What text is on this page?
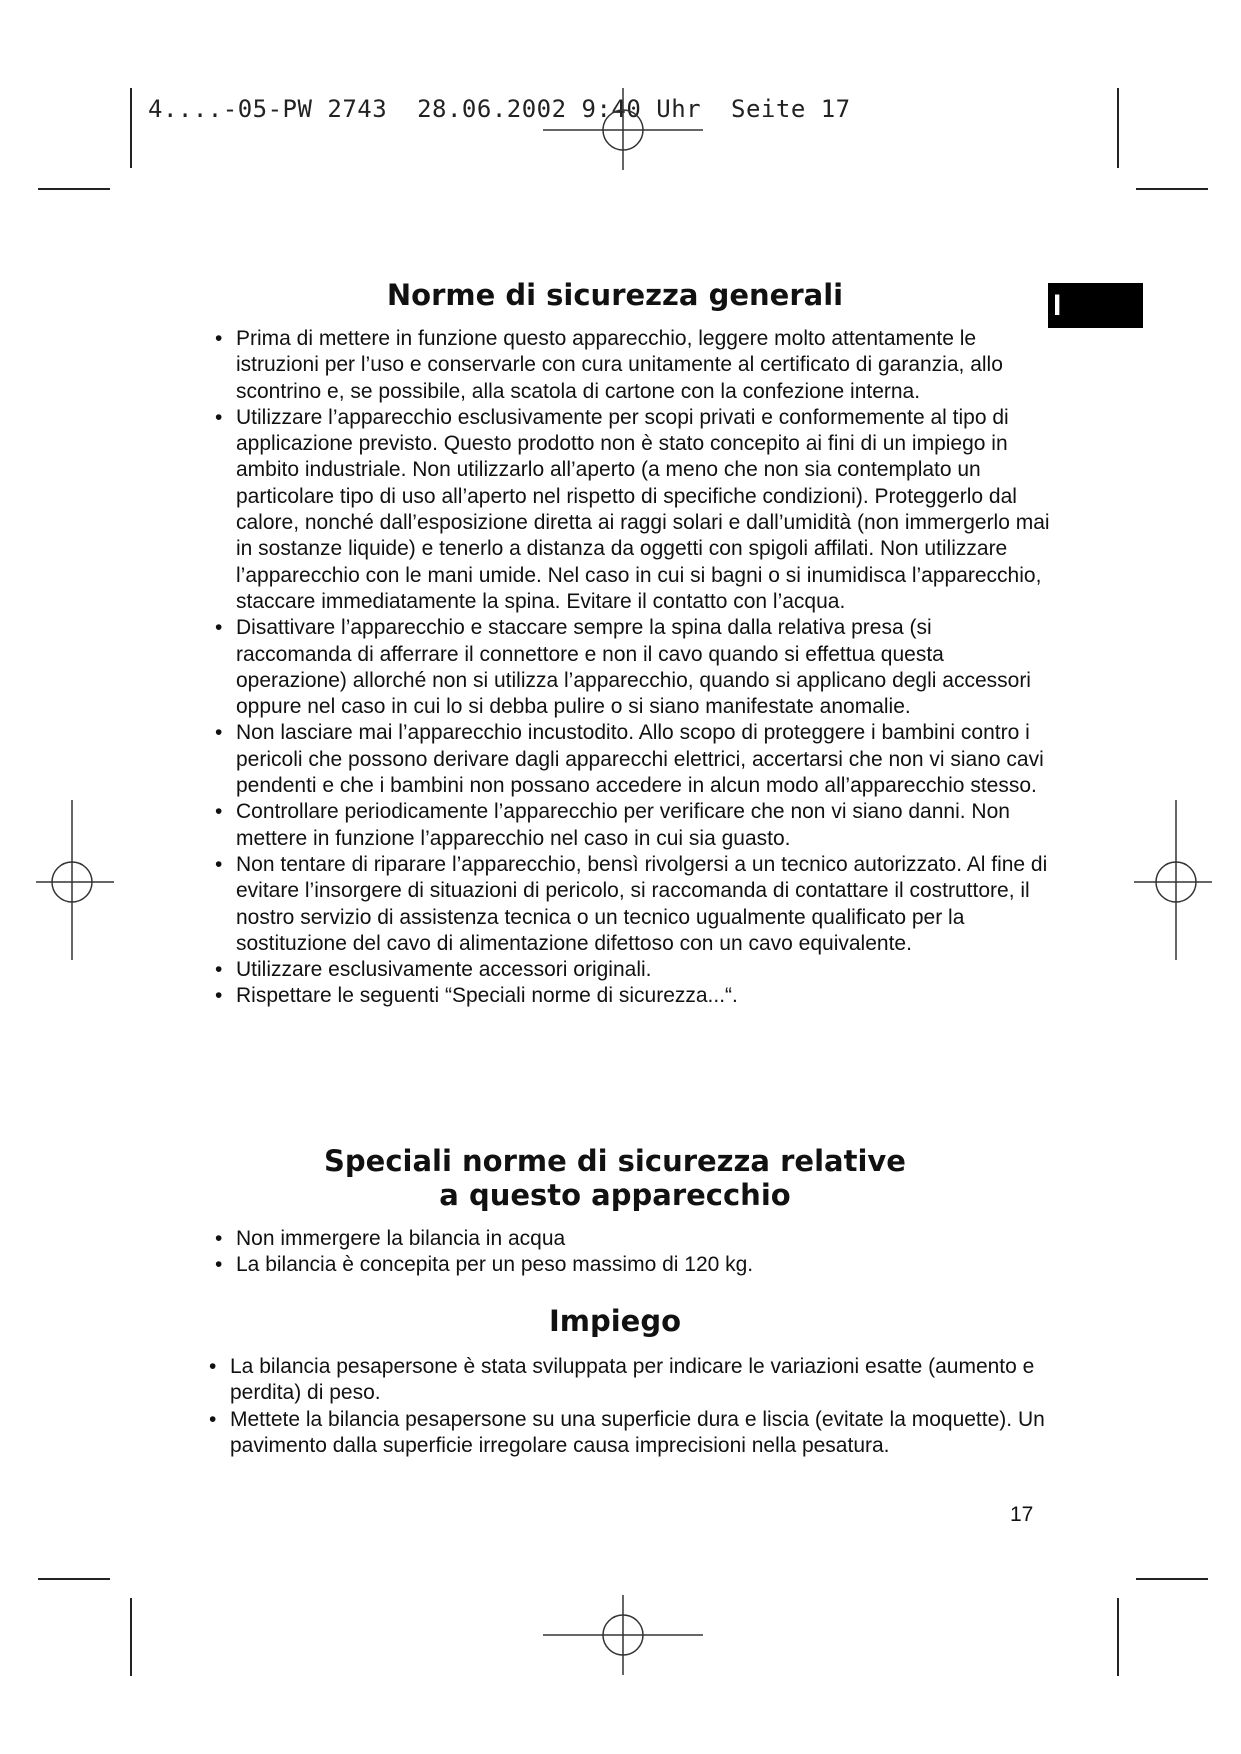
4....-05-PW 2743  28.06.2002 9:40 Uhr  Seite 17
I
Norme di sicurezza generali
• Prima di mettere in funzione questo apparecchio, leggere molto attentamente le istruzioni per l’uso e conservarle con cura unitamente al certificato di garanzia, allo scontrino e, se possibile, alla scatola di cartone con la confezione interna.
• Utilizzare l’apparecchio esclusivamente per scopi privati e conformemente al tipo di applicazione previsto. Questo prodotto non è stato concepito ai fini di un impiego in ambito industriale. Non utilizzarlo all’aperto (a meno che non sia contemplato un particolare tipo di uso all’aperto nel rispetto di specifiche condizioni). Proteggerlo dal calore, nonché dall’esposizione diretta ai raggi solari e dall’umidità (non immergerlo mai in sostanze liquide) e tenerlo a distanza da oggetti con spigoli affilati. Non utilizzare l’apparecchio con le mani umide. Nel caso in cui si bagni o si inumidisca l’apparecchio, staccare immediatamente la spina. Evitare il contatto con l’acqua.
• Disattivare l’apparecchio e staccare sempre la spina dalla relativa presa (si raccomanda di afferrare il connettore e non il cavo quando si effettua questa operazione) allorché non si utilizza l’apparecchio, quando si applicano degli accessori oppure nel caso in cui lo si debba pulire o si siano manifestate anomalie.
• Non lasciare mai l’apparecchio incustodito. Allo scopo di proteggere i bambini contro i pericoli che possono derivare dagli apparecchi elettrici, accertarsi che non vi siano cavi pendenti e che i bambini non possano accedere in alcun modo all’apparecchio stesso.
• Controllare periodicamente l’apparecchio per verificare che non vi siano danni. Non mettere in funzione l’apparecchio nel caso in cui sia guasto.
• Non tentare di riparare l’apparecchio, bensì rivolgersi a un tecnico autorizzato. Al fine di evitare l’insorgere di situazioni di pericolo, si raccomanda di contattare il costruttore, il nostro servizio di assistenza tecnica o un tecnico ugualmente qualificato per la sostituzione del cavo di alimentazione difettoso con un cavo equivalente.
• Utilizzare esclusivamente accessori originali.
• Rispettare le seguenti “Speciali norme di sicurezza...“.
Speciali norme di sicurezza relative
a questo apparecchio
• Non immergere la bilancia in acqua
• La bilancia è concepita per un peso massimo di 120 kg.
Impiego
• La bilancia pesapersone è stata sviluppata per indicare le variazioni esatte (aumento e perdita) di peso.
• Mettete la bilancia pesapersone su una superficie dura e liscia (evitate la moquette). Un pavimento dalla superficie irregolare causa imprecisioni nella pesatura.
17
